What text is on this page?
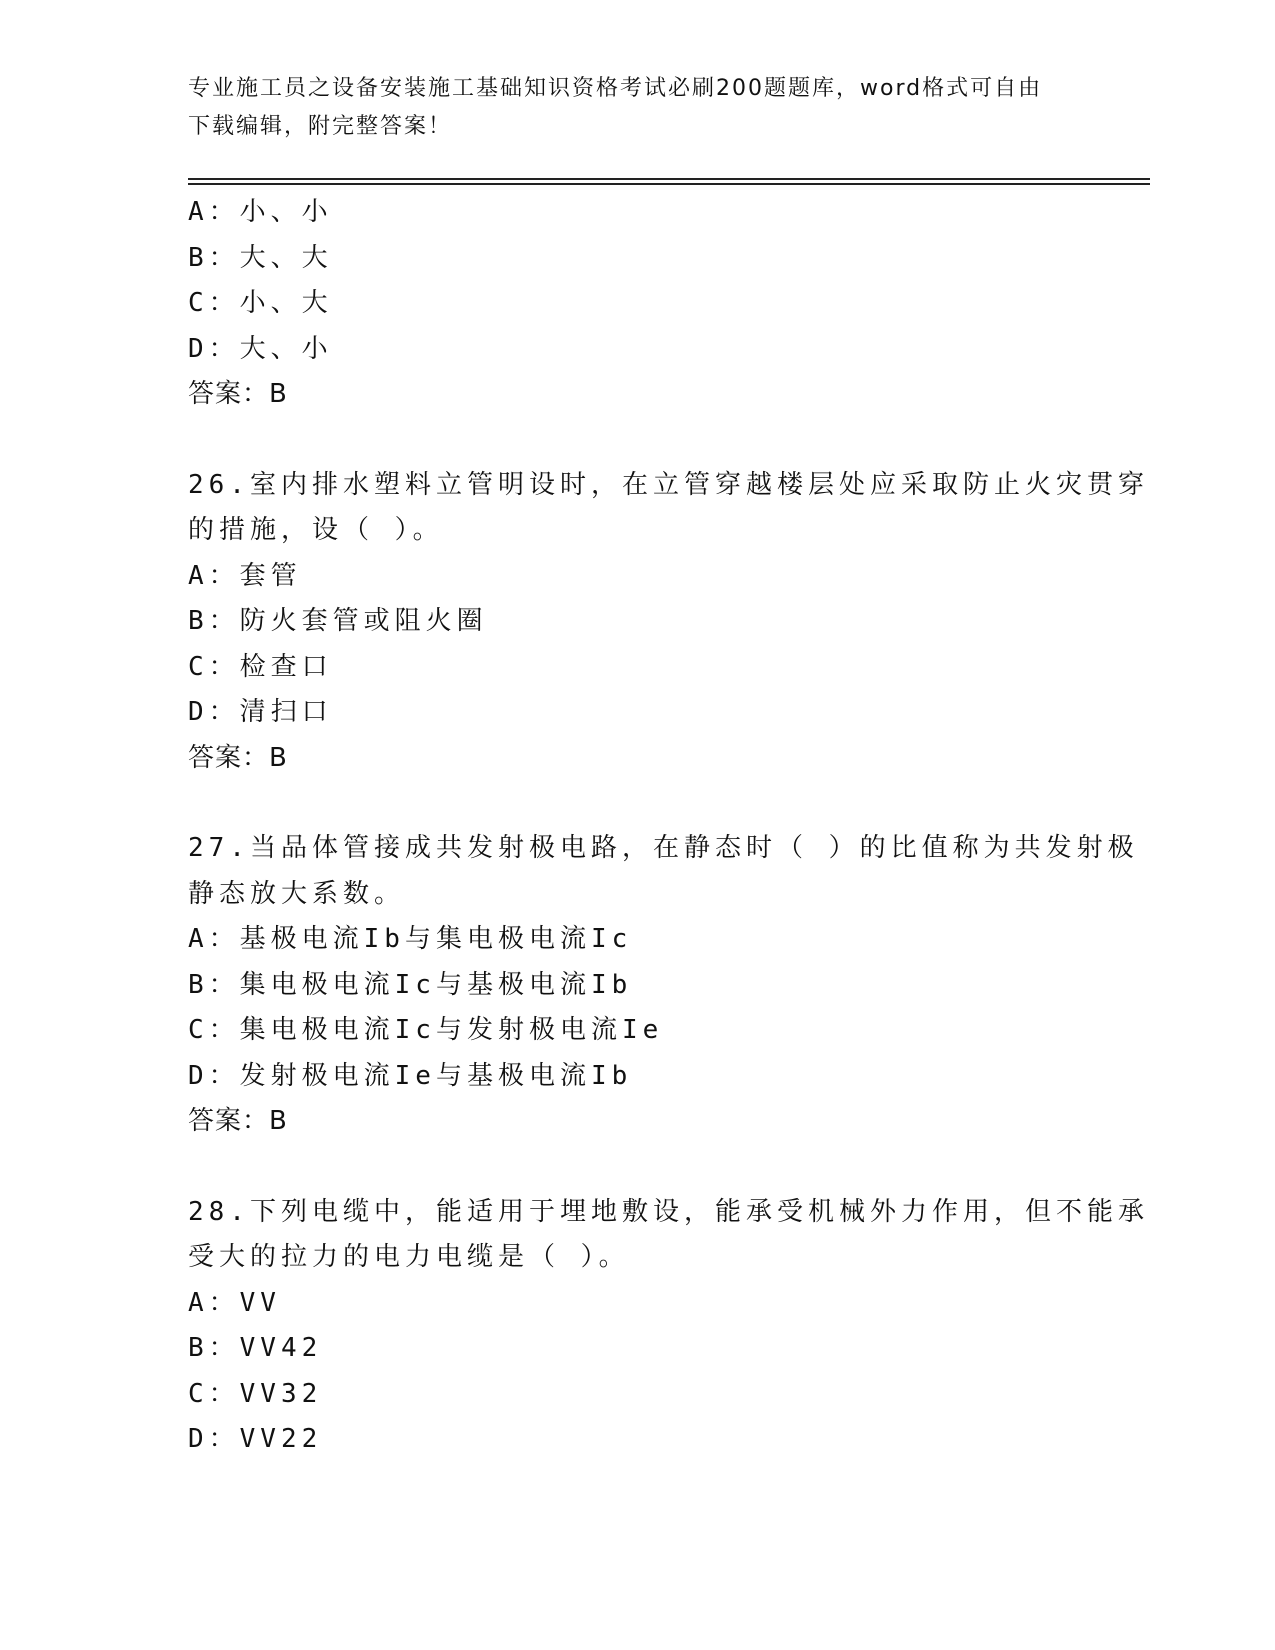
专业施工员之设备安装施工基础知识资格考试必刷200题题库，word格式可自由
下载编辑，附完整答案！
A：小、小
B：大、大
C：小、大
D：大、小
答案：B
26.室内排水塑料立管明设时，在立管穿越楼层处应采取防止火灾贯穿
的措施，设（ ）。
A：套管
B：防火套管或阻火圈
C：检查口
D：清扫口
答案：B
27.当品体管接成共发射极电路，在静态时（ ）的比值称为共发射极
静态放大系数。
A：基极电流Ib与集电极电流Ic
B：集电极电流Ic与基极电流Ib
C：集电极电流Ic与发射极电流Ie
D：发射极电流Ie与基极电流Ib
答案：B
28.下列电缆中，能适用于埋地敷设，能承受机械外力作用，但不能承
受大的拉力的电力电缆是（ ）。
A：VV
B：VV42
C：VV32
D：VV22
